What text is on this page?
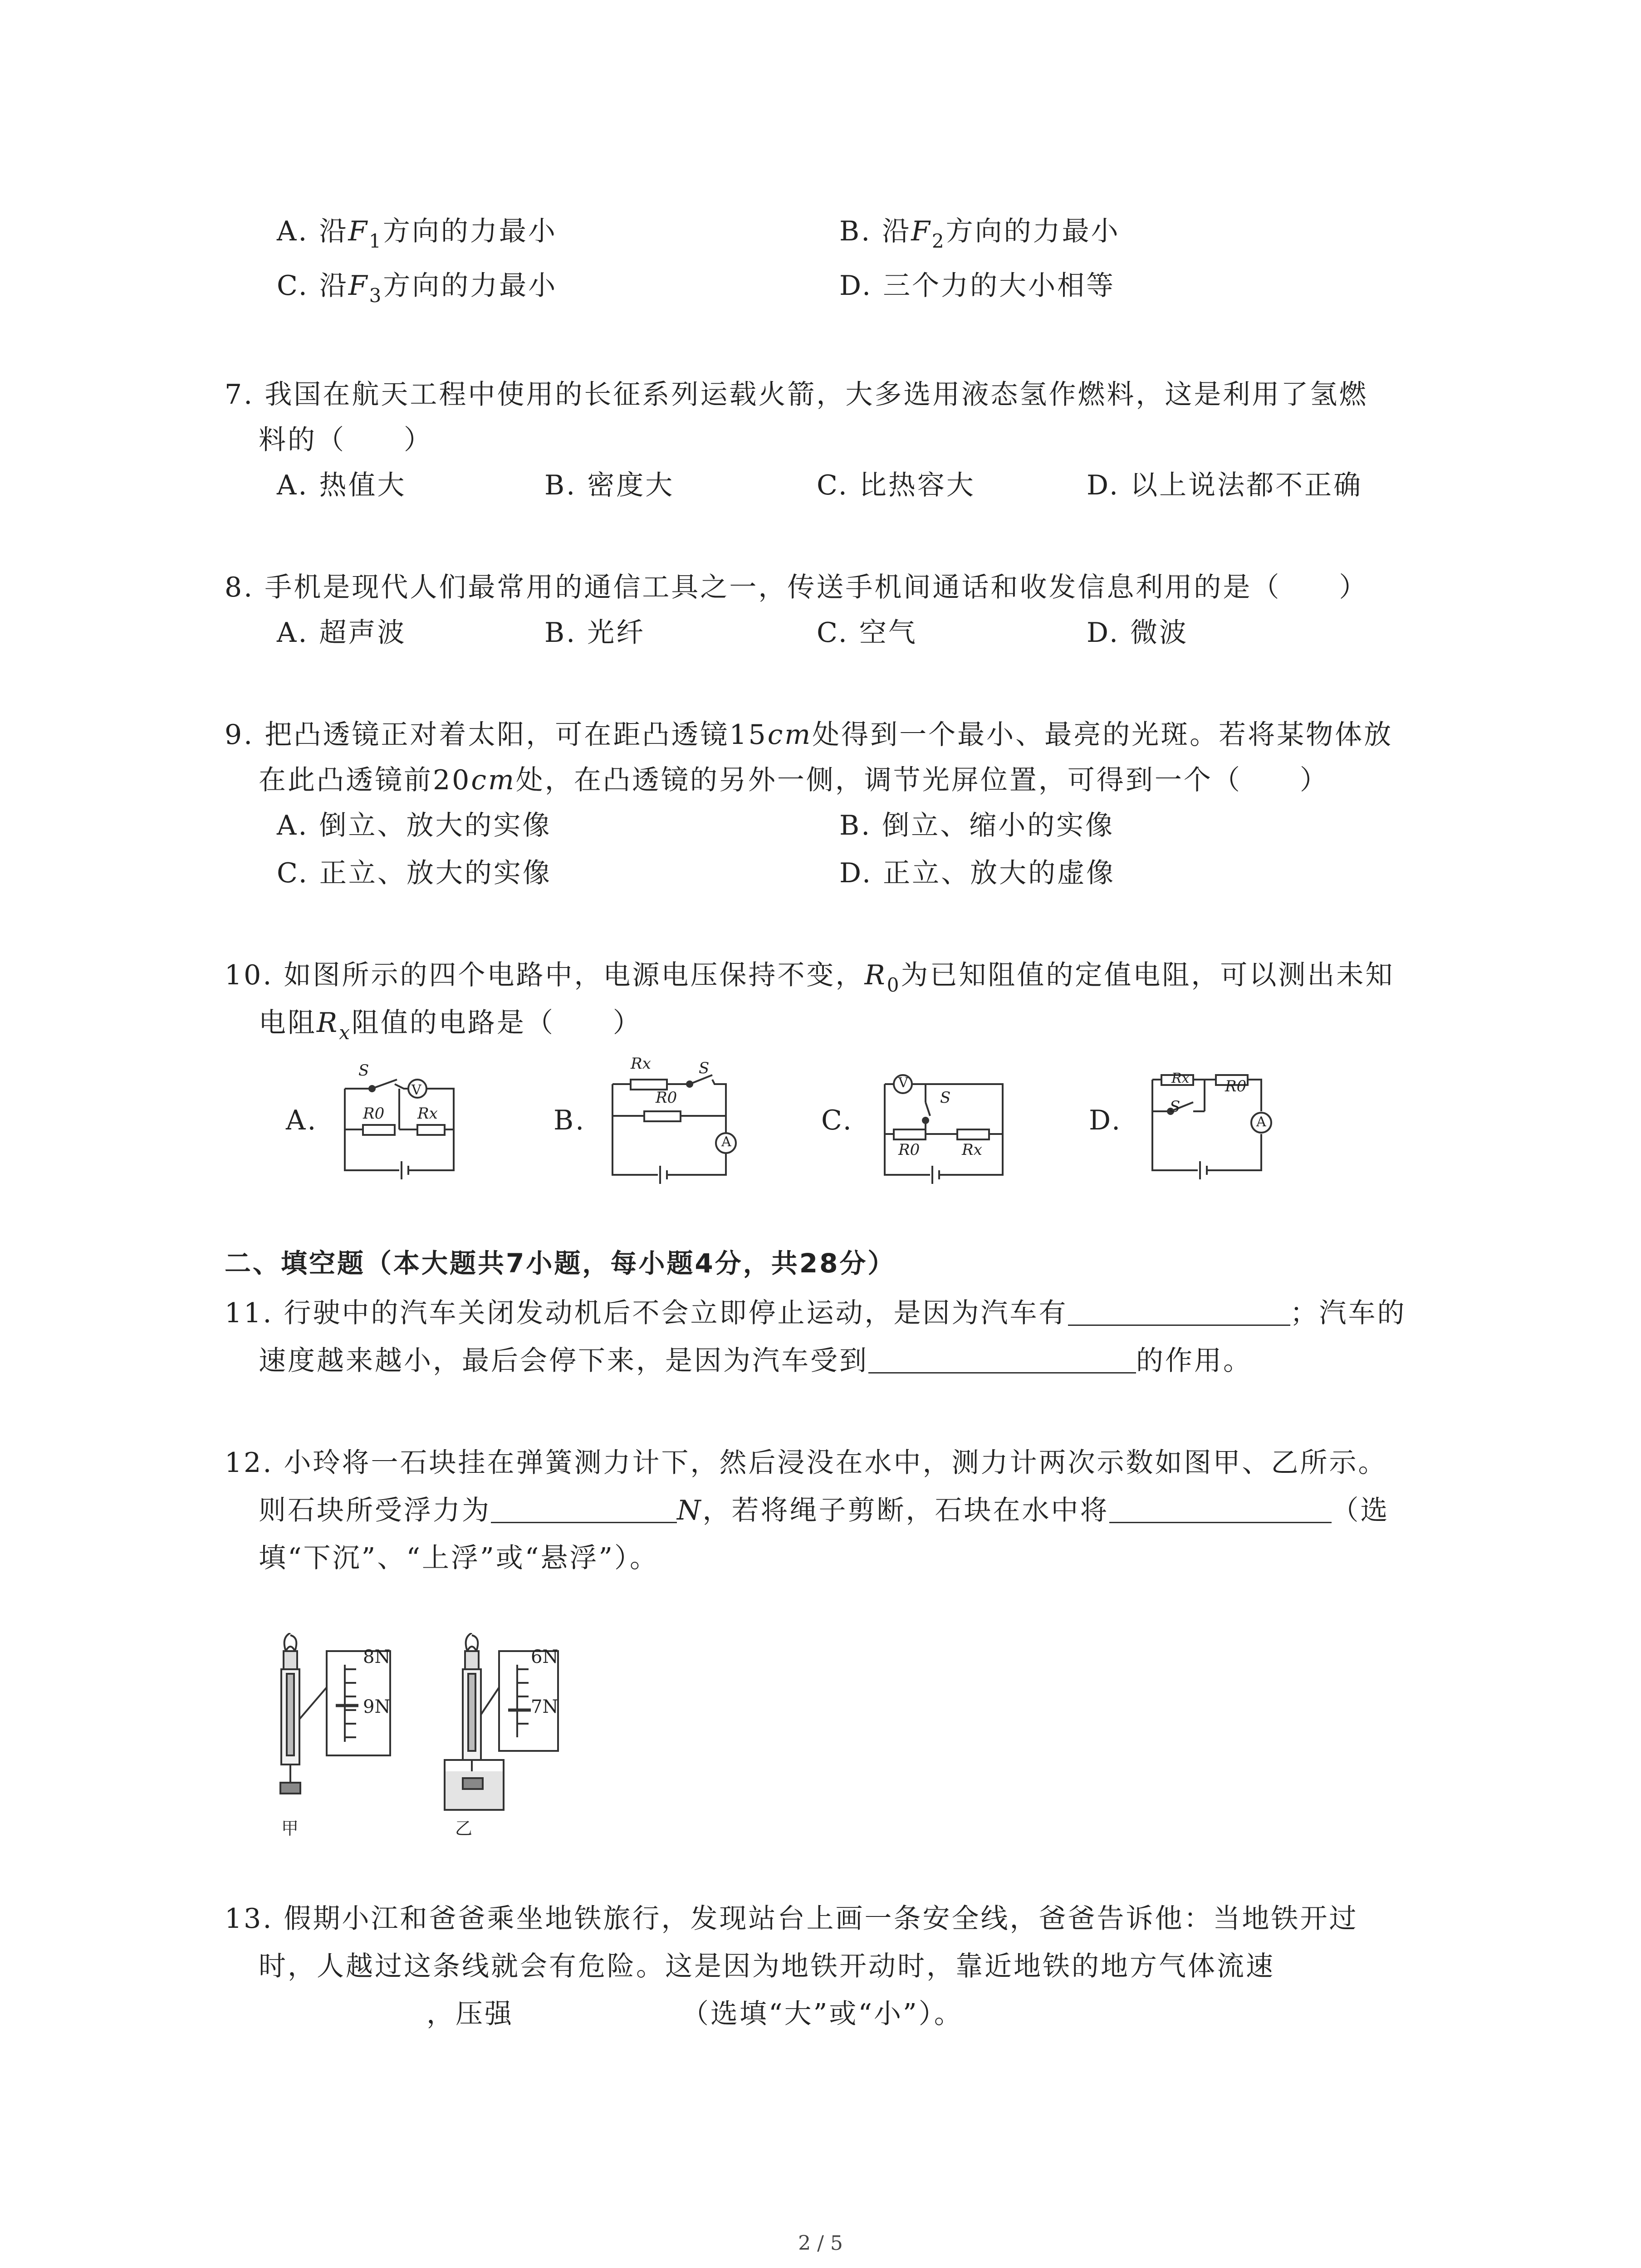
A. 沿$F_1$方向的力最小	B. 沿$F_2$方向的力最小
C. 沿$F_3$方向的力最小	D. 三个力的大小相等
7. 我国在航天工程中使用的长征系列运载火箭，大多选用液态氢作燃料，这是利用了氢燃
料的（　　）
A. 热值大	B. 密度大	C. 比热容大	D. 以上说法都不正确
8. 手机是现代人们最常用的通信工具之一，传送手机间通话和收发信息利用的是（　　）
A. 超声波	B. 光纤	C. 空气	D. 微波
9. 把凸透镜正对着太阳，可在距凸透镜15cm处得到一个最小、最亮的光斑。若将某物体放
在此凸透镜前20cm处，在凸透镜的另外一侧，调节光屏位置，可得到一个（　　）
A. 倒立、放大的实像	B. 倒立、缩小的实像
C. 正立、放大的实像	D. 正立、放大的虚像
10. 如图所示的四个电路中，电源电压保持不变，$R_0$为已知阻值的定值电阻，可以测出未知
电阻$R_x$阻值的电路是（　　）
A.	B.	C.	D.
S
V
R0 Rx
Rx	S
R0
A
V
S
R0	Rx
Rx R0
S
A
二、填空题（本大题共7小题，每小题4分，共28分）
11. 行驶中的汽车关闭发动机后不会立即停止运动，是因为汽车有	；汽车的
速度越来越小，最后会停下来，是因为汽车受到	的作用。
12. 小玲将一石块挂在弹簧测力计下，然后浸没在水中，测力计两次示数如图甲、乙所示。
则石块所受浮力为	N，若将绳子剪断，石块在水中将	（选
填“下沉”、“上浮”或“悬浮”）。
8N
9N
甲
6N
7N
乙
13. 假期小江和爸爸乘坐地铁旅行，发现站台上画一条安全线，爸爸告诉他：当地铁开过
时，人越过这条线就会有危险。这是因为地铁开动时，靠近地铁的地方气体流速
，压强	（选填“大”或“小”）。
2 / 5
